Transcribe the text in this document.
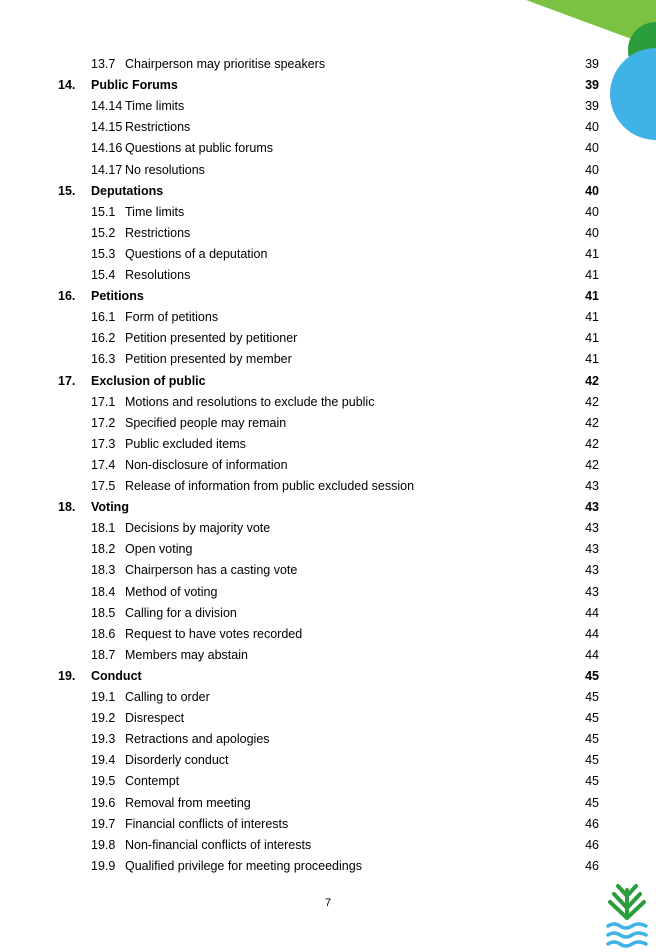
13.7 Chairperson may prioritise speakers	39
14. Public Forums	39
14.14 Time limits	39
14.15 Restrictions	40
14.16 Questions at public forums	40
14.17 No resolutions	40
15. Deputations	40
15.1 Time limits	40
15.2 Restrictions	40
15.3 Questions of a deputation	41
15.4 Resolutions	41
16. Petitions	41
16.1 Form of petitions	41
16.2 Petition presented by petitioner	41
16.3 Petition presented by member	41
17. Exclusion of public	42
17.1 Motions and resolutions to exclude the public	42
17.2 Specified people may remain	42
17.3 Public excluded items	42
17.4 Non-disclosure of information	42
17.5 Release of information from public excluded session	43
18. Voting	43
18.1 Decisions by majority vote	43
18.2 Open voting	43
18.3 Chairperson has a casting vote	43
18.4 Method of voting	43
18.5 Calling for a division	44
18.6 Request to have votes recorded	44
18.7 Members may abstain	44
19. Conduct	45
19.1 Calling to order	45
19.2 Disrespect	45
19.3 Retractions and apologies	45
19.4 Disorderly conduct	45
19.5 Contempt	45
19.6 Removal from meeting	45
19.7 Financial conflicts of interests	46
19.8 Non-financial conflicts of interests	46
19.9 Qualified privilege for meeting proceedings	46
7
